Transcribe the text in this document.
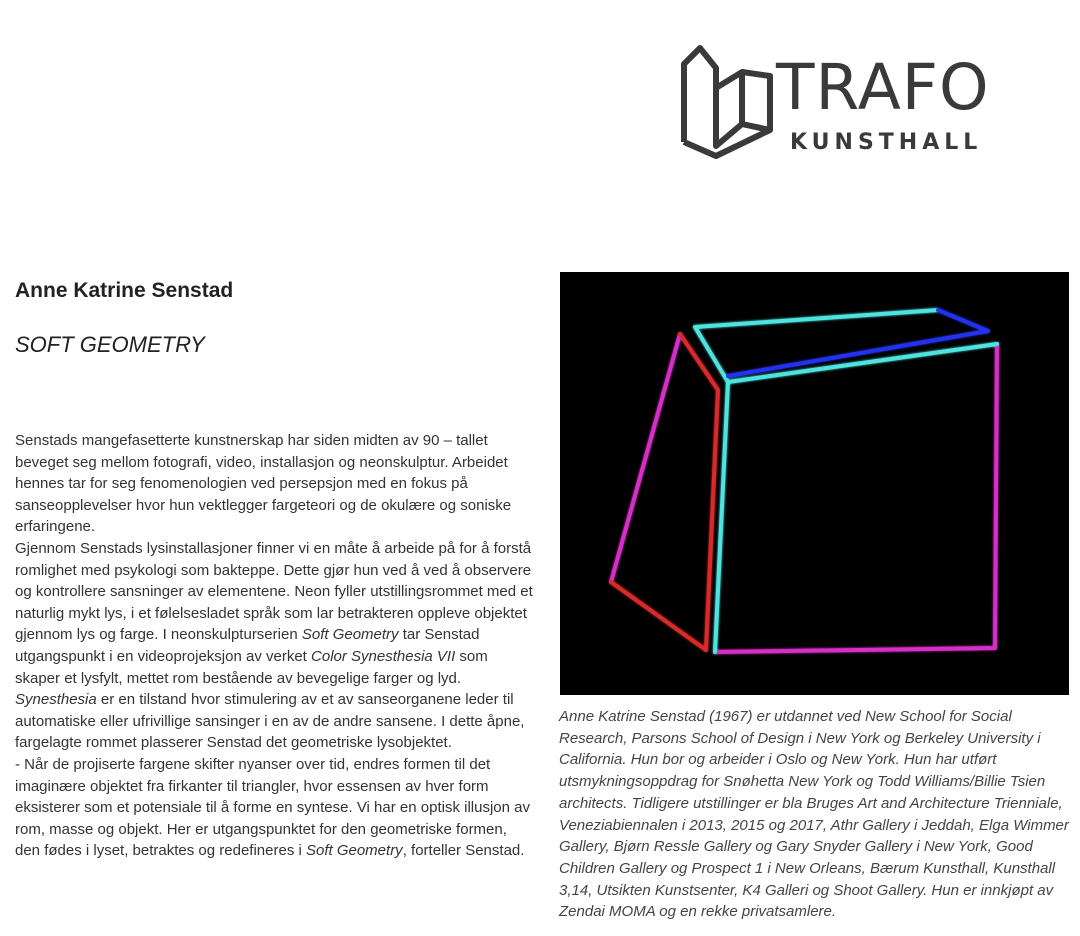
TRAFO
KUNSTHALL
Anne Katrine Senstad
SOFT GEOMETRY

Senstads mangefasetterte kunstnerskap har siden midten av 90 – tallet beveget seg mellom fotografi, video, installasjon og neonskulptur. Arbeidet hennes tar for seg fenomenologien ved persepsjon med en fokus på sanseopplevelser hvor hun vektlegger fargeteori og de okulære og soniske erfaringene.

Gjennom Senstads lysinstallasjoner finner vi en måte å arbeide på for å forstå romlighet med psykologi som bakteppe. Dette gjør hun ved å ved å observere og kontrollere sansninger av elementene. Neon fyller utstillingsrommet med et naturlig mykt lys, i et følelsesladet språk som lar betrakteren oppleve objektet gjennom lys og farge. I neonskulpturserien Soft Geometry tar Senstad utgangspunkt i en videoprojeksjon av verket Color Synesthesia VII som skaper et lysfylt, mettet rom bestående av bevegelige farger og lyd. Synesthesia er en tilstand hvor stimulering av et av sanseorganene leder til automatiske eller ufrivillige sansinger i en av de andre sansene. I dette åpne, fargelagte rommet plasserer Senstad det geometriske lysobjektet.

- Når de projiserte fargene skifter nyanser over tid, endres formen til det imaginære objektet fra firkanter til triangler, hvor essensen av hver form eksisterer som et potensiale til å forme en syntese. Vi har en optisk illusjon av rom, masse og objekt. Her er utgangspunktet for den geometriske formen, den fødes i lyset, betraktes og redefineres i Soft Geometry, forteller Senstad.

Anne Katrine Senstad (1967) er utdannet ved New School for Social Research, Parsons School of Design i New York og Berkeley University i California. Hun bor og arbeider i Oslo og New York. Hun har utført utsmykningsoppdrag for Snøhetta New York og Todd Williams/Billie Tsien architects. Tidligere utstillinger er bla Bruges Art and Architecture Trienniale, Veneziabiennalen i 2013, 2015 og 2017, Athr Gallery i Jeddah, Elga Wimmer Gallery, Bjørn Ressle Gallery og Gary Snyder Gallery i New York, Good Children Gallery og Prospect 1 i New Orleans, Bærum Kunsthall, Kunsthall 3,14, Utsikten Kunstsenter, K4 Galleri og Shoot Gallery. Hun er innkjøpt av Zendai MOMA og en rekke privatsamlere.
